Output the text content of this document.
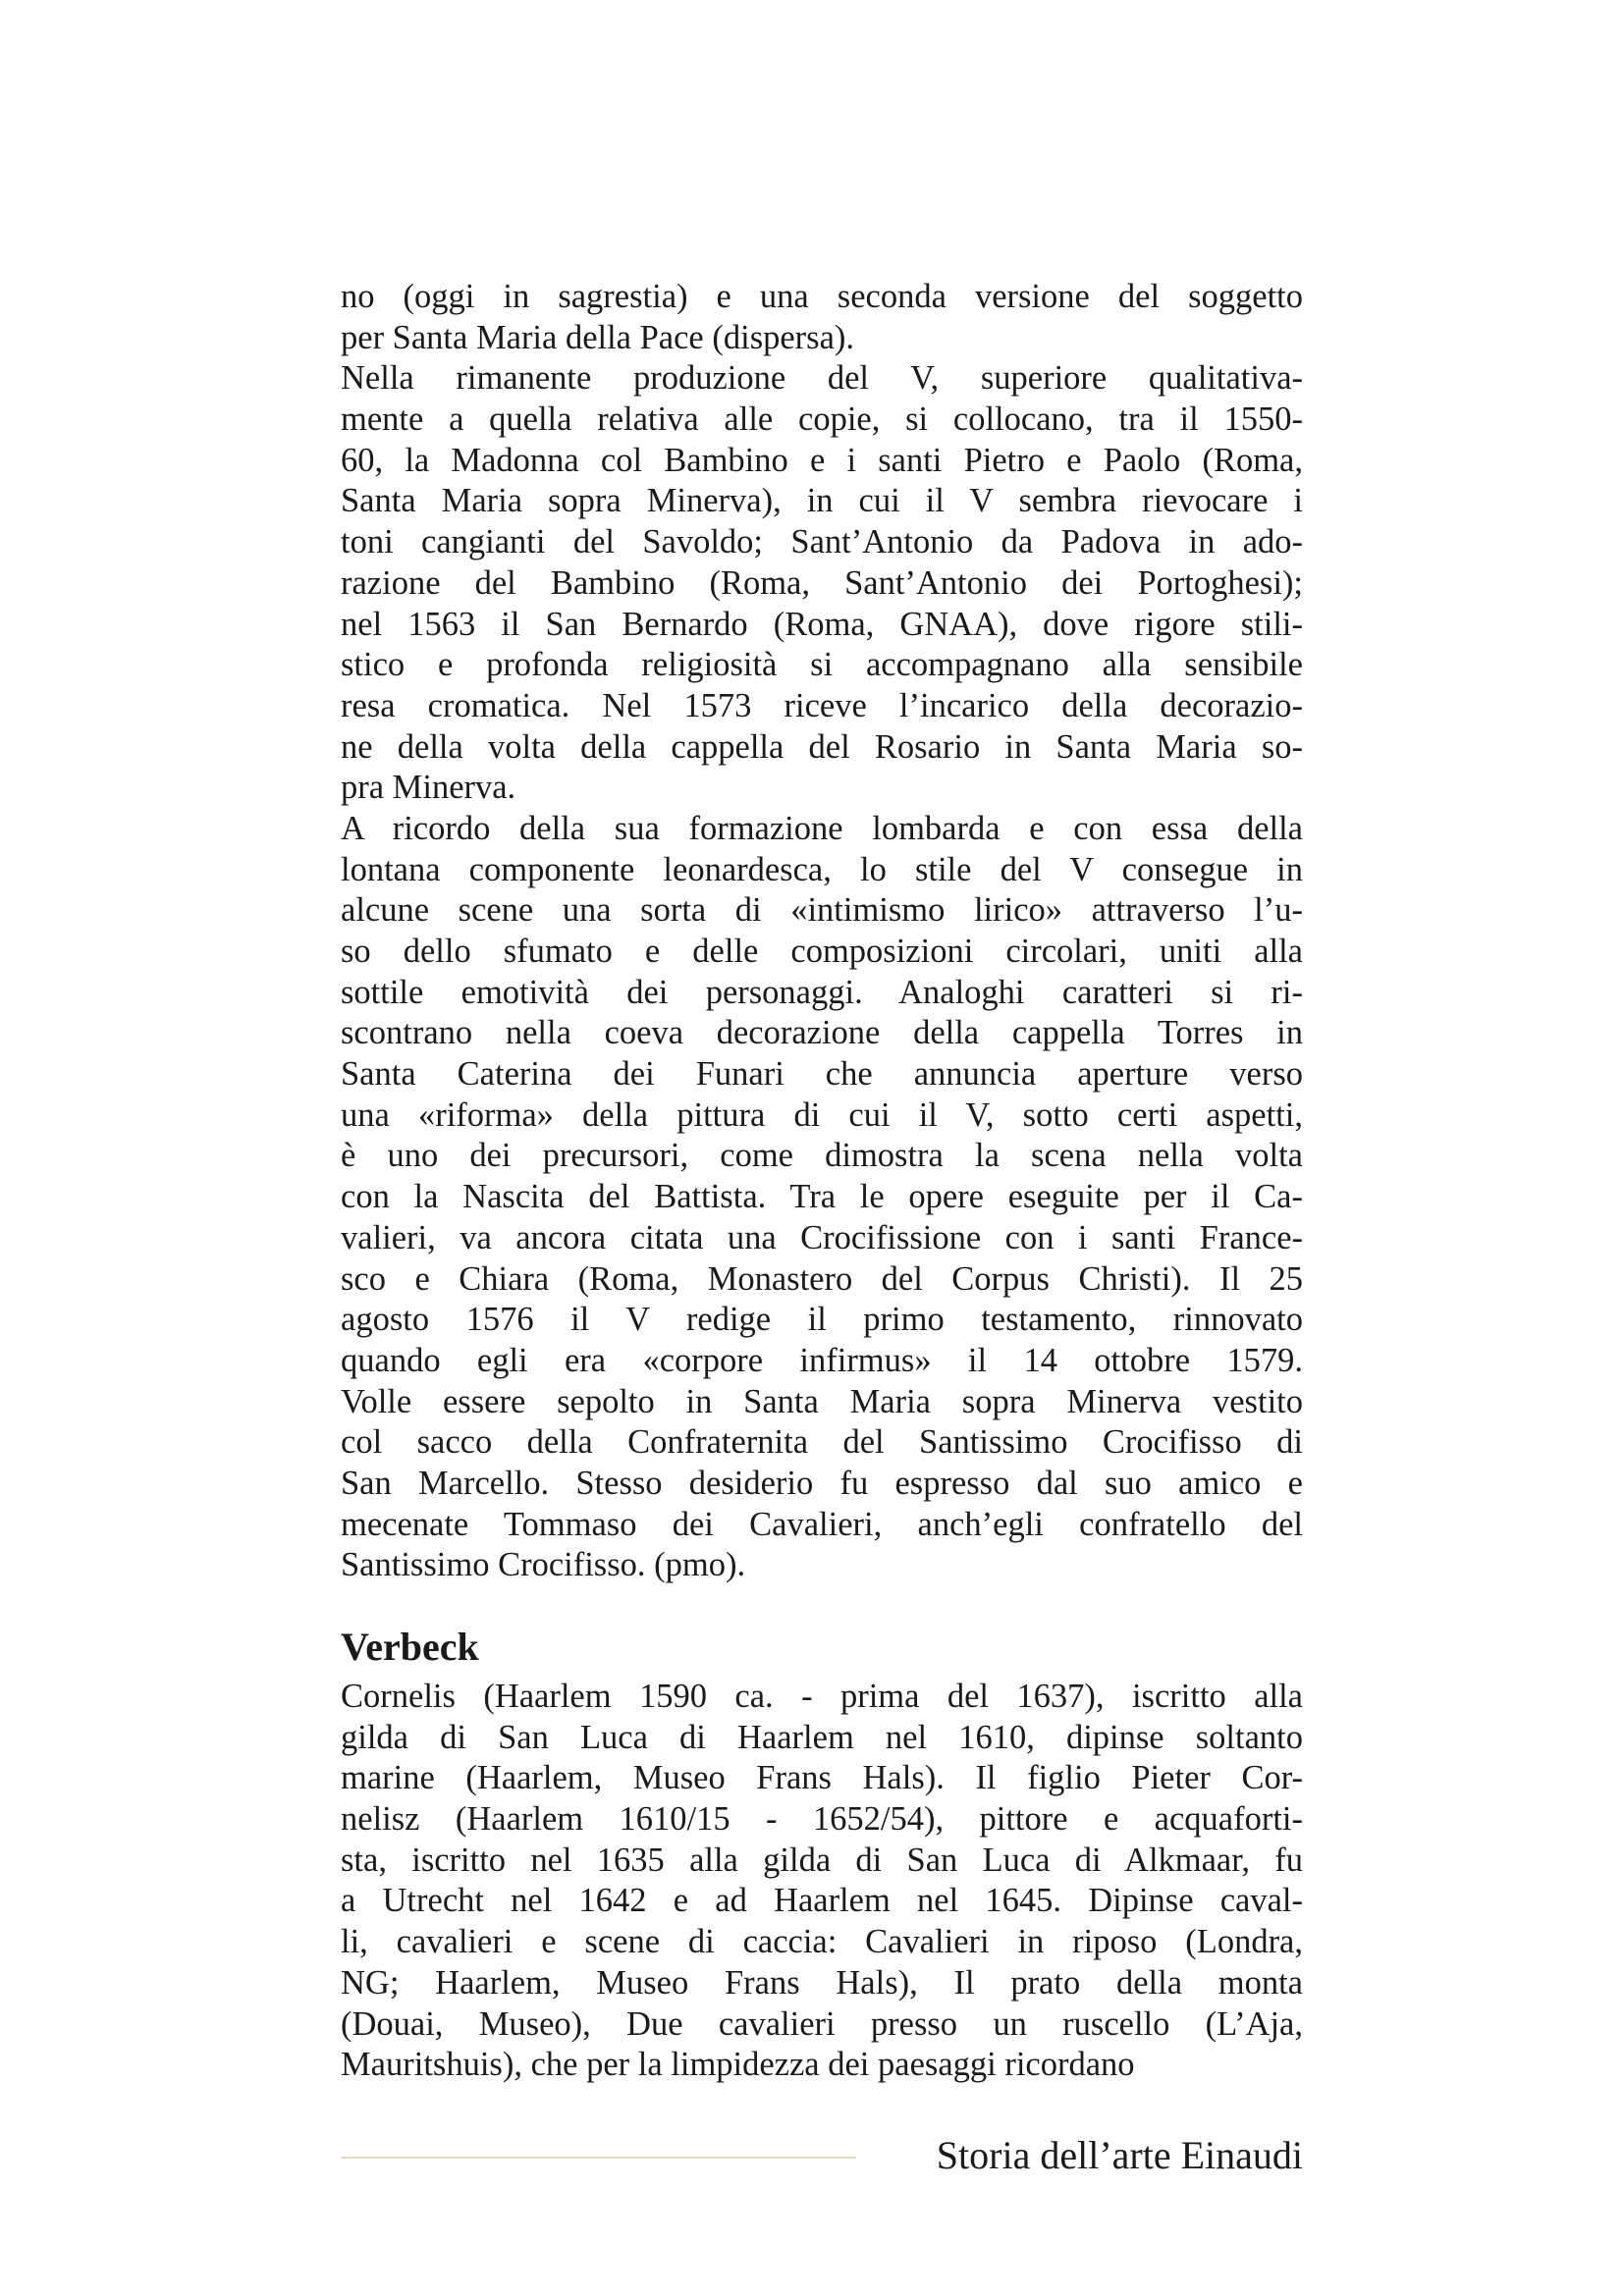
no (oggi in sagrestia) e una seconda versione del soggetto
per Santa Maria della Pace (dispersa).
Nella rimanente produzione del V, superiore qualitativa-
mente a quella relativa alle copie, si collocano, tra il 1550-
60, la Madonna col Bambino e i santi Pietro e Paolo (Roma,
Santa Maria sopra Minerva), in cui il V sembra rievocare i
toni cangianti del Savoldo; Sant’Antonio da Padova in ado-
razione del Bambino (Roma, Sant’Antonio dei Portoghesi);
nel 1563 il San Bernardo (Roma, GNAA), dove rigore stili-
stico e profonda religiosità si accompagnano alla sensibile
resa cromatica. Nel 1573 riceve l’incarico della decorazio-
ne della volta della cappella del Rosario in Santa Maria so-
pra Minerva.
A ricordo della sua formazione lombarda e con essa della
lontana componente leonardesca, lo stile del V consegue in
alcune scene una sorta di «intimismo lirico» attraverso l’u-
so dello sfumato e delle composizioni circolari, uniti alla
sottile emotività dei personaggi. Analoghi caratteri si ri-
scontrano nella coeva decorazione della cappella Torres in
Santa Caterina dei Funari che annuncia aperture verso
una «riforma» della pittura di cui il V, sotto certi aspetti,
è uno dei precursori, come dimostra la scena nella volta
con la Nascita del Battista. Tra le opere eseguite per il Ca-
valieri, va ancora citata una Crocifissione con i santi France-
sco e Chiara (Roma, Monastero del Corpus Christi). Il 25
agosto 1576 il V redige il primo testamento, rinnovato
quando egli era «corpore infirmus» il 14 ottobre 1579.
Volle essere sepolto in Santa Maria sopra Minerva vestito
col sacco della Confraternita del Santissimo Crocifisso di
San Marcello. Stesso desiderio fu espresso dal suo amico e
mecenate Tommaso dei Cavalieri, anch’egli confratello del
Santissimo Crocifisso. (pmo).
Verbeck
Cornelis (Haarlem 1590 ca. - prima del 1637), iscritto alla
gilda di San Luca di Haarlem nel 1610, dipinse soltanto
marine (Haarlem, Museo Frans Hals). Il figlio Pieter Cor-
nelisz (Haarlem 1610/15 - 1652/54), pittore e acquaforti-
sta, iscritto nel 1635 alla gilda di San Luca di Alkmaar, fu
a Utrecht nel 1642 e ad Haarlem nel 1645. Dipinse caval-
li, cavalieri e scene di caccia: Cavalieri in riposo (Londra,
NG; Haarlem, Museo Frans Hals), Il prato della monta
(Douai, Museo), Due cavalieri presso un ruscello (L’Aja,
Mauritshuis), che per la limpidezza dei paesaggi ricordano
Storia dell’arte Einaudi
